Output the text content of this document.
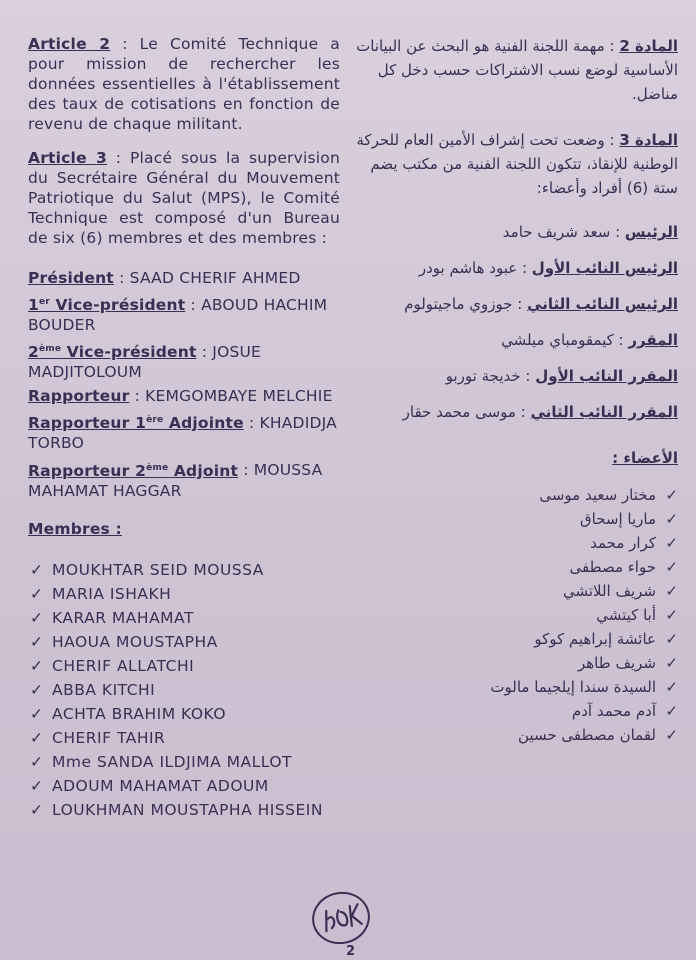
Article 2 : Le Comité Technique a pour mission de rechercher les données essentielles à l'établissement des taux de cotisations en fonction de revenu de chaque militant.
Article 3 : Placé sous la supervision du Secrétaire Général du Mouvement Patriotique du Salut (MPS), le Comité Technique est composé d'un Bureau de six (6) membres et des membres :
Président : SAAD CHERIF AHMED
1er Vice-président : ABOUD HACHIM BOUDER
2ème Vice-président : JOSUE MADJITOLOUM
Rapporteur : KEMGOMBAYE MELCHIE
Rapporteur 1ère Adjointe : KHADIDJA TORBO
Rapporteur 2ème Adjoint : MOUSSA MAHAMAT HAGGAR
Membres :
✓ MOUKHTAR SEID MOUSSA
✓ MARIA ISHAKH
✓ KARAR MAHAMAT
✓ HAOUA MOUSTAPHA
✓ CHERIF ALLATCHI
✓ ABBA KITCHI
✓ ACHTA BRAHIM KOKO
✓ CHERIF TAHIR
✓ Mme SANDA ILDJIMA MALLOT
✓ ADOUM MAHAMAT ADOUM
✓ LOUKHMAN MOUSTAPHA HISSEIN
المادة 2 : مهمة اللجنة الفنية هو البحث عن البيانات الأساسية لوضع نسب الاشتراكات حسب دخل كل مناضل.
المادة 3 : وضعت تحت إشراف الأمين العام للحركة الوطنية للإنقاذ، تتكون اللجنة الفنية من مكتب يضم ستة (6) أفراد وأعضاء:
الرئيس : سعد شريف حامد
الرئيس النائب الأول : عبود هاشم بودر
الرئيس النائب الثاني : جوزوي ماجيتولوم
المقرر : كيمقومباي ميلشي
المقرر النائب الأول : خديجة توربو
المقرر النائب الثاني : موسى محمد حقار
الأعضاء :
✓
مختار سعيد موسى
✓
ماريا إسحاق
✓
كرار محمد
✓
حواء مصطفى
✓
شريف اللاتشي
✓
أبا كيتشي
✓
عائشة إبراهيم كوكو
✓
شريف طاهر
✓
السيدة سندا إيلجيما مالوت
✓
آدم محمد آدم
✓
لقمان مصطفى حسين
2
